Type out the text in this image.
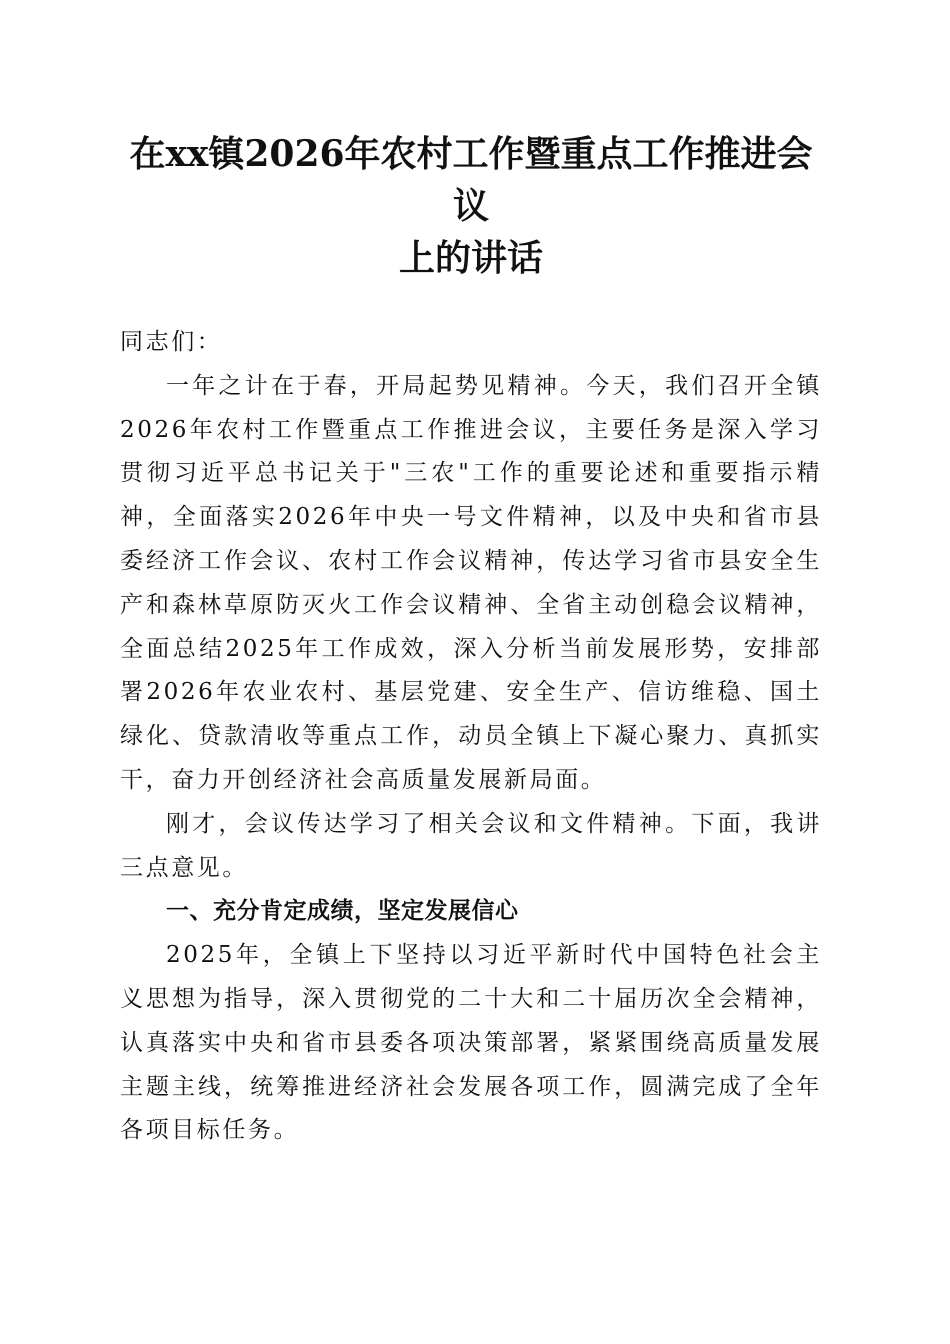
在xx镇2026年农村工作暨重点工作推进会议
上的讲话

同志们：

一年之计在于春，开局起势见精神。今天，我们召开全镇2026年农村工作暨重点工作推进会议，主要任务是深入学习贯彻习近平总书记关于"三农"工作的重要论述和重要指示精神，全面落实2026年中央一号文件精神，以及中央和省市县委经济工作会议、农村工作会议精神，传达学习省市县安全生产和森林草原防灭火工作会议精神、全省主动创稳会议精神，全面总结2025年工作成效，深入分析当前发展形势，安排部署2026年农业农村、基层党建、安全生产、信访维稳、国土绿化、贷款清收等重点工作，动员全镇上下凝心聚力、真抓实干，奋力开创经济社会高质量发展新局面。

刚才，会议传达学习了相关会议和文件精神。下面，我讲三点意见。

一、充分肯定成绩，坚定发展信心

2025年，全镇上下坚持以习近平新时代中国特色社会主义思想为指导，深入贯彻党的二十大和二十届历次全会精神，认真落实中央和省市县委各项决策部署，紧紧围绕高质量发展主题主线，统筹推进经济社会发展各项工作，圆满完成了全年各项目标任务。
